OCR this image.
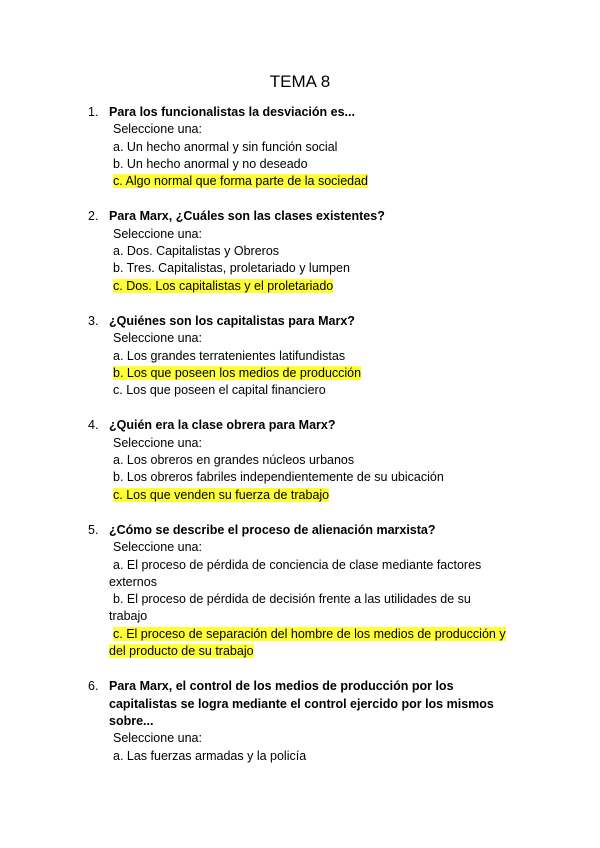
TEMA 8
1. Para los funcionalistas la desviación es...
Seleccione una:
a. Un hecho anormal y sin función social
b. Un hecho anormal y no deseado
c. Algo normal que forma parte de la sociedad
2. Para Marx, ¿Cuáles son las clases existentes?
Seleccione una:
a. Dos. Capitalistas y Obreros
b. Tres. Capitalistas, proletariado y lumpen
c. Dos. Los capitalistas y el proletariado
3. ¿Quiénes son los capitalistas para Marx?
Seleccione una:
a. Los grandes terratenientes latifundistas
b. Los que poseen los medios de producción
c. Los que poseen el capital financiero
4. ¿Quién era la clase obrera para Marx?
Seleccione una:
a. Los obreros en grandes núcleos urbanos
b. Los obreros fabriles independientemente de su ubicación
c. Los que venden su fuerza de trabajo
5. ¿Cómo se describe el proceso de alienación marxista?
Seleccione una:
a. El proceso de pérdida de conciencia de clase mediante factores
externos
b. El proceso de pérdida de decisión frente a las utilidades de su
trabajo
c. El proceso de separación del hombre de los medios de producción y
del producto de su trabajo
6. Para Marx, el control de los medios de producción por los
capitalistas se logra mediante el control ejercido por los mismos
sobre...
Seleccione una:
a. Las fuerzas armadas y la policía
